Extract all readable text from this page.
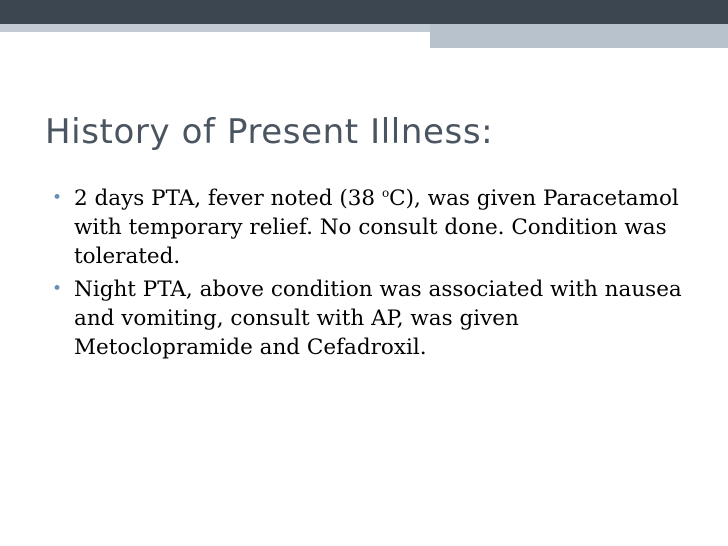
History of Present Illness:
• 2 days PTA, fever noted (38 $^o$C), was given Paracetamol with temporary relief. No consult done. Condition was tolerated.
• Night PTA, above condition was associated with nausea and vomiting, consult with AP, was given Metoclopramide and Cefadroxil.
